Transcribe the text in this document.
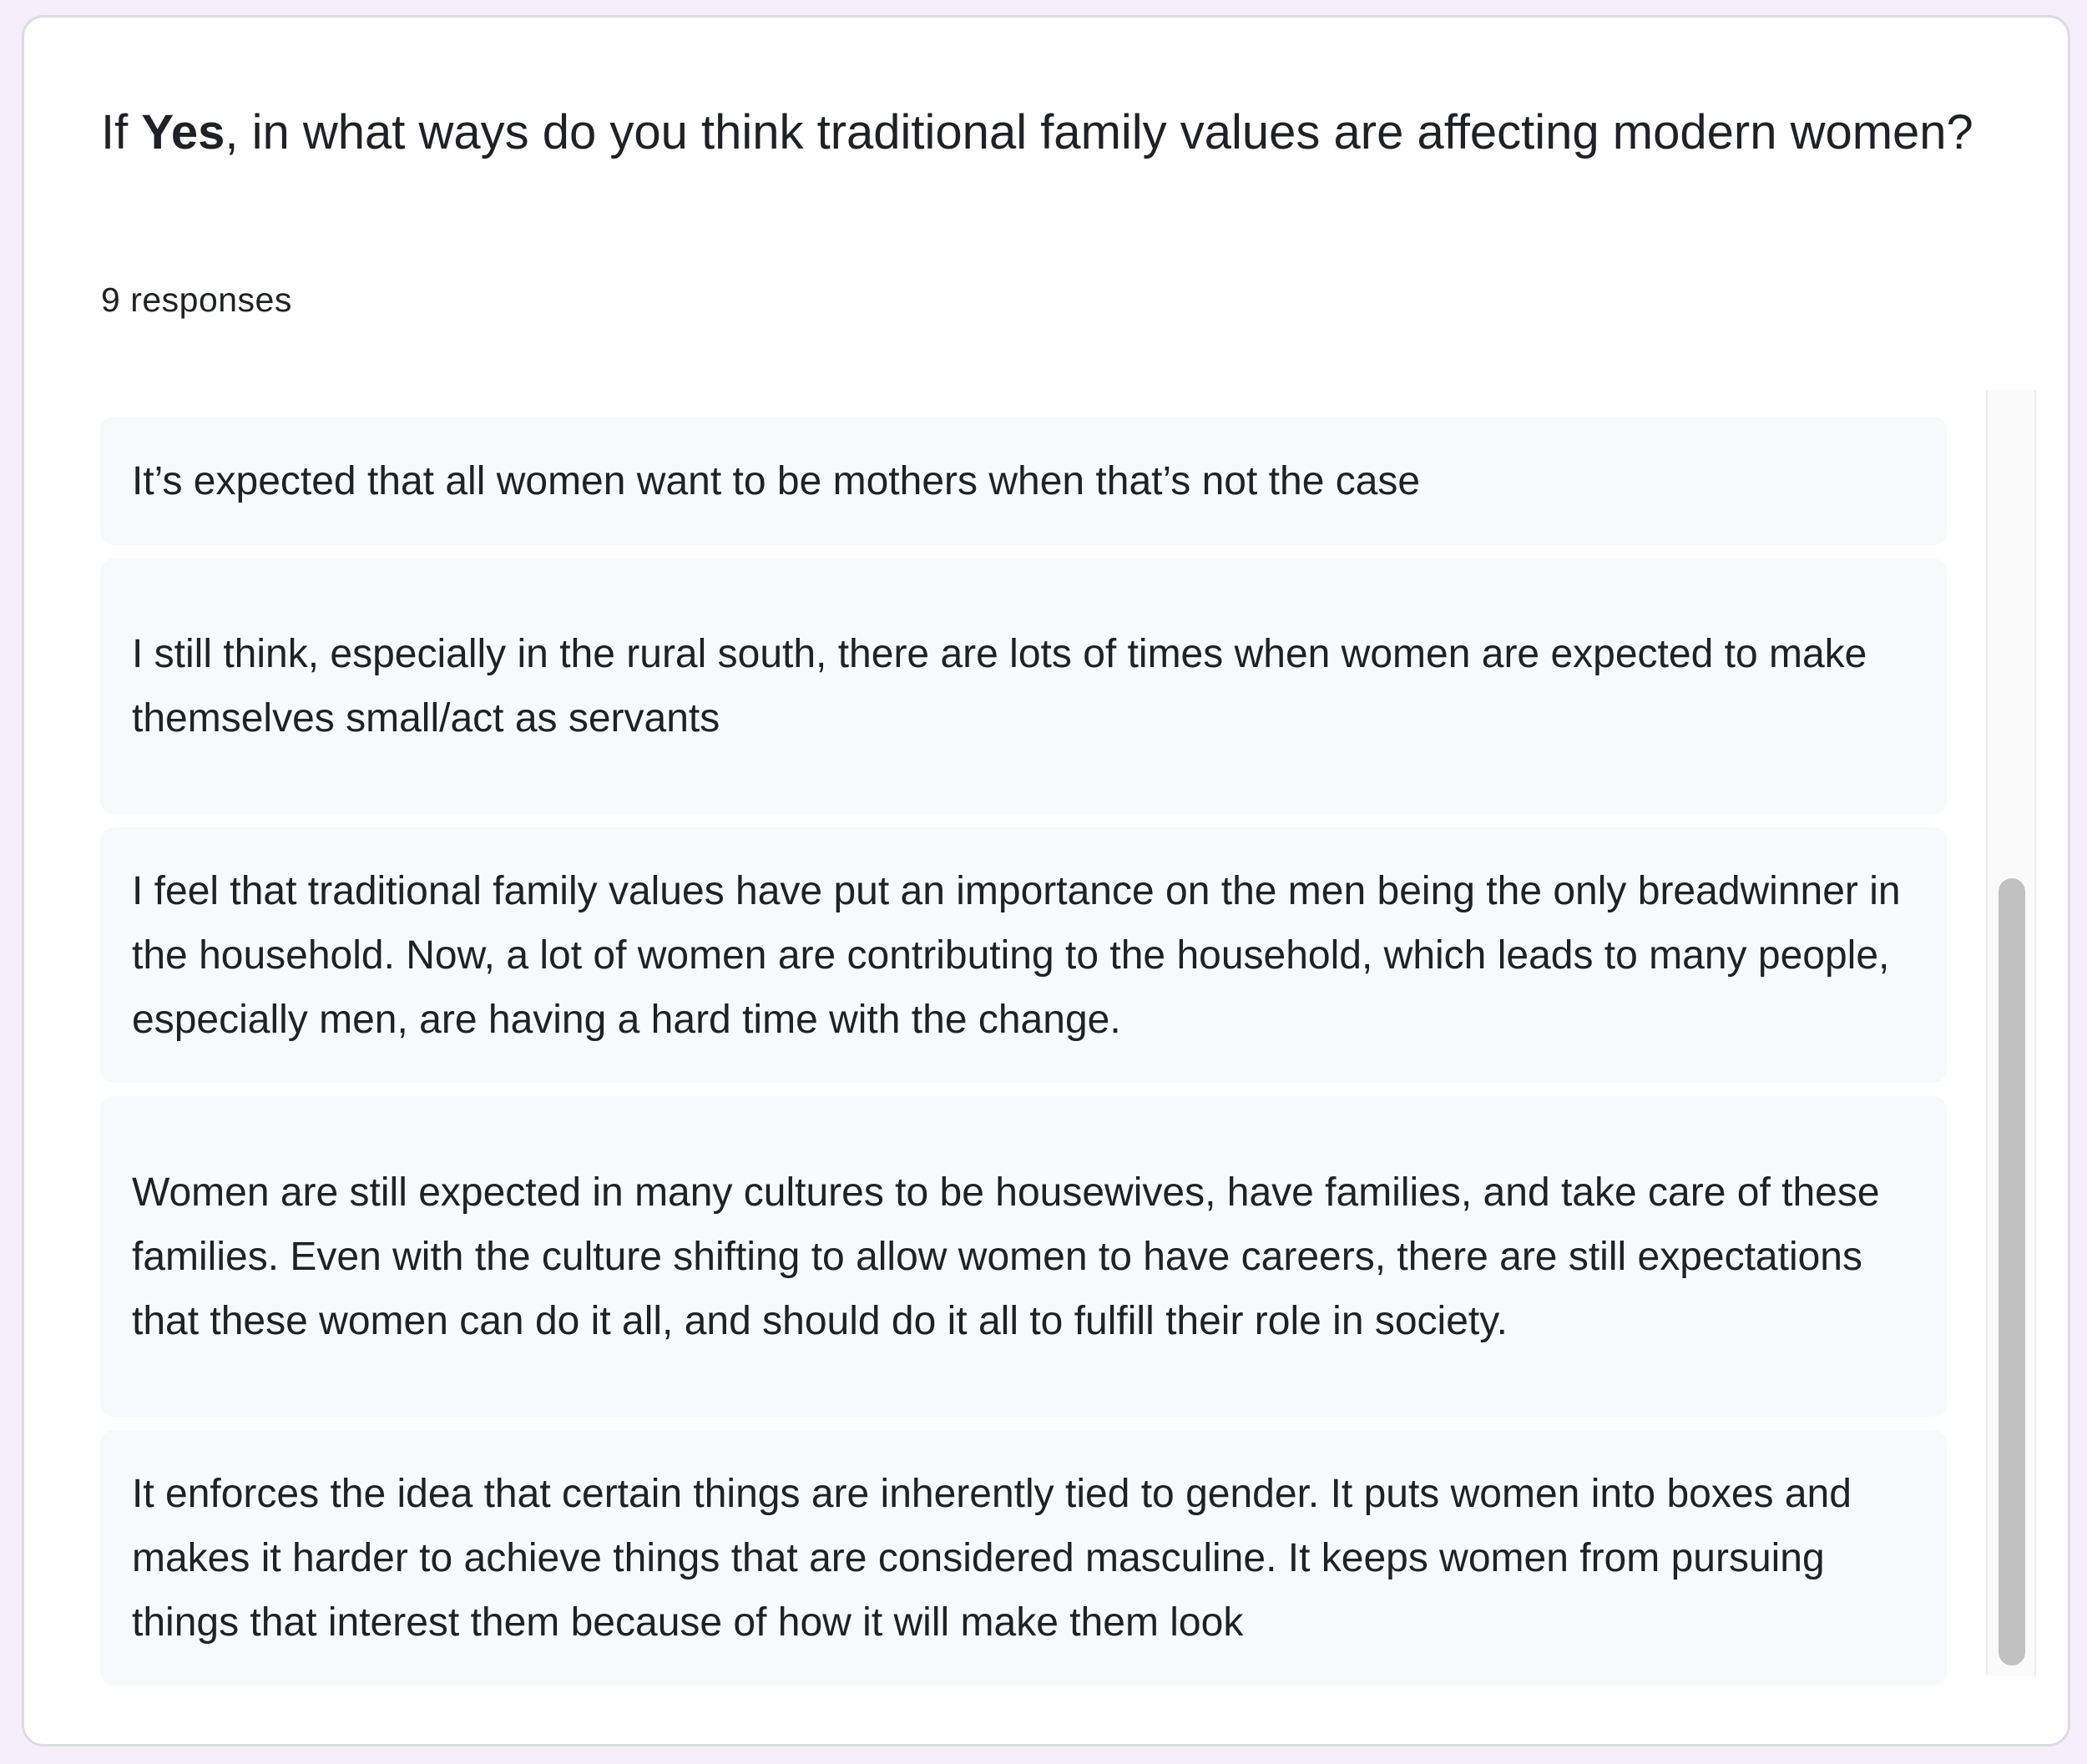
If Yes, in what ways do you think traditional family values are affecting modern women?
9 responses
It’s expected that all women want to be mothers when that’s not the case
I still think, especially in the rural south, there are lots of times when women are expected to make themselves small/act as servants
I feel that traditional family values have put an importance on the men being the only breadwinner in the household. Now, a lot of women are contributing to the household, which leads to many people, especially men, are having a hard time with the change.
Women are still expected in many cultures to be housewives, have families, and take care of these families. Even with the culture shifting to allow women to have careers, there are still expectations that these women can do it all, and should do it all to fulfill their role in society.
It enforces the idea that certain things are inherently tied to gender. It puts women into boxes and makes it harder to achieve things that are considered masculine. It keeps women from pursuing things that interest them because of how it will make them look
